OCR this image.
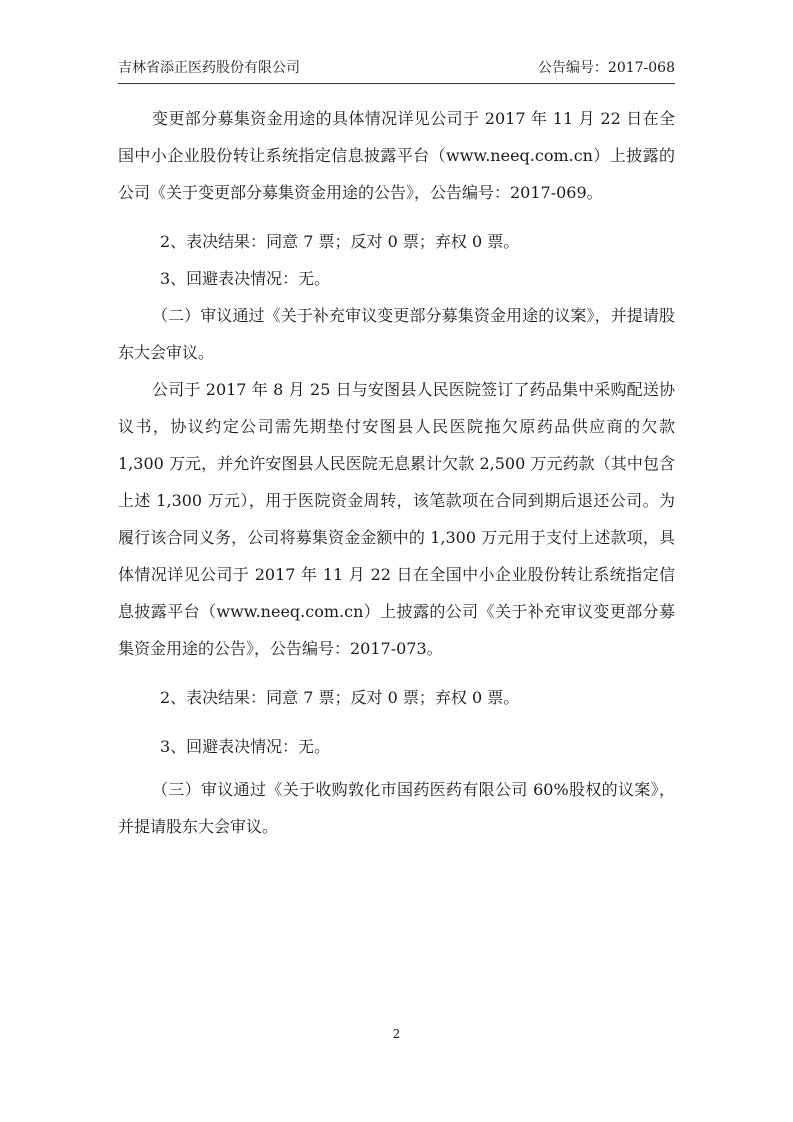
吉林省添正医药股份有限公司	公告编号：2017-068

变更部分募集资金用途的具体情况详见公司于 2017 年 11 月 22 日在全国中小企业股份转让系统指定信息披露平台（www.neeq.com.cn）上披露的公司《关于变更部分募集资金用途的公告》，公告编号：2017-069。

2、表决结果：同意 7 票；反对 0 票；弃权 0 票。

3、回避表决情况：无。

（二）审议通过《关于补充审议变更部分募集资金用途的议案》，并提请股东大会审议。

公司于 2017 年 8 月 25 日与安图县人民医院签订了药品集中采购配送协议书，协议约定公司需先期垫付安图县人民医院拖欠原药品供应商的欠款 1,300 万元，并允许安图县人民医院无息累计欠款 2,500 万元药款（其中包含上述 1,300 万元），用于医院资金周转，该笔款项在合同到期后退还公司。为履行该合同义务，公司将募集资金金额中的 1,300 万元用于支付上述款项，具体情况详见公司于 2017 年 11 月 22 日在全国中小企业股份转让系统指定信息披露平台（www.neeq.com.cn）上披露的公司《关于补充审议变更部分募集资金用途的公告》，公告编号：2017-073。

2、表决结果：同意 7 票；反对 0 票；弃权 0 票。

3、回避表决情况：无。

（三）审议通过《关于收购敦化市国药医药有限公司 60%股权的议案》，并提请股东大会审议。

2
